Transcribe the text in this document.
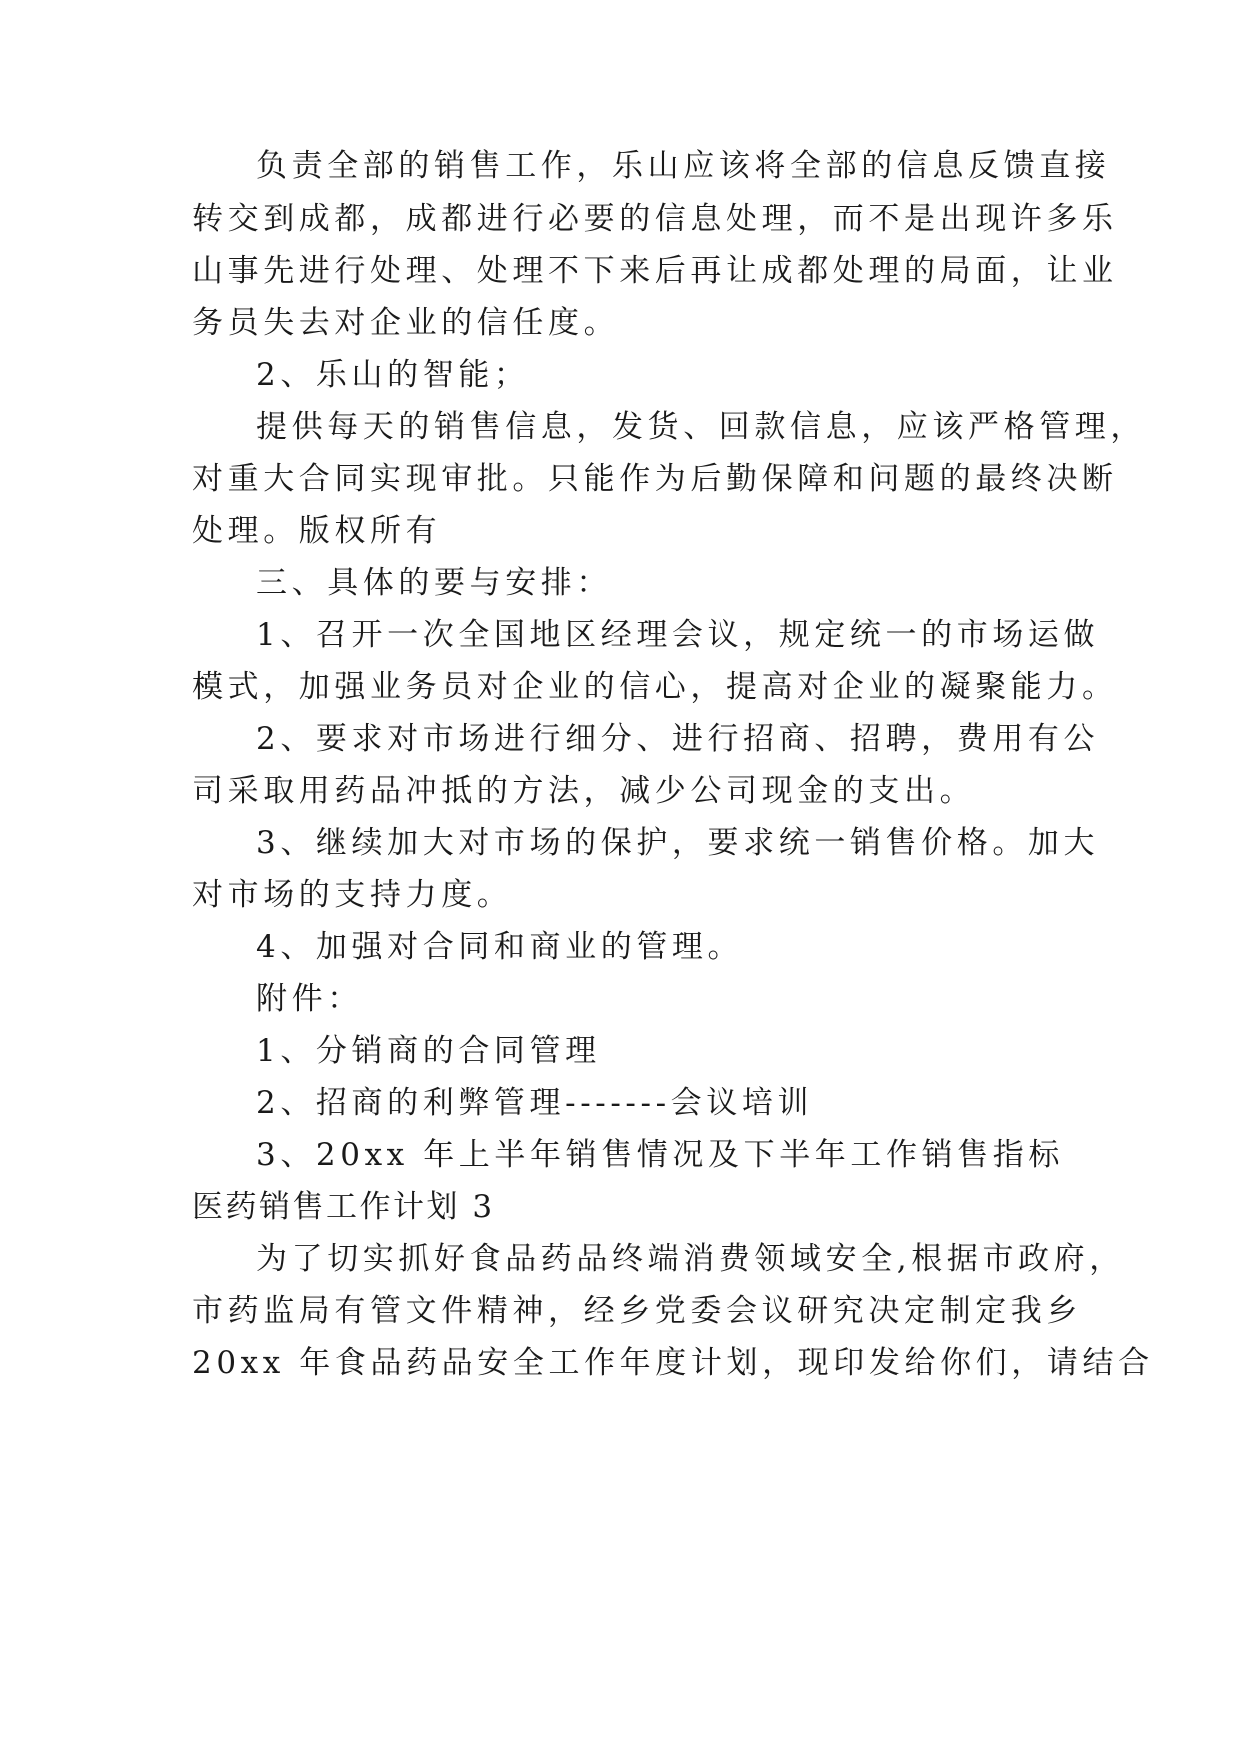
负责全部的销售工作，乐山应该将全部的信息反馈直接
转交到成都，成都进行必要的信息处理，而不是出现许多乐
山事先进行处理、处理不下来后再让成都处理的局面，让业
务员失去对企业的信任度。
2、乐山的智能；
提供每天的销售信息，发货、回款信息，应该严格管理，
对重大合同实现审批。只能作为后勤保障和问题的最终决断
处理。版权所有
三、具体的要与安排：
1、召开一次全国地区经理会议，规定统一的市场运做
模式，加强业务员对企业的信心，提高对企业的凝聚能力。
2、要求对市场进行细分、进行招商、招聘，费用有公
司采取用药品冲抵的方法，减少公司现金的支出。
3、继续加大对市场的保护，要求统一销售价格。加大
对市场的支持力度。
4、加强对合同和商业的管理。
附件：
1、分销商的合同管理
2、招商的利弊管理-------会议培训
3、20xx 年上半年销售情况及下半年工作销售指标
医药销售工作计划 3
为了切实抓好食品药品终端消费领域安全,根据市政府，
市药监局有管文件精神，经乡党委会议研究决定制定我乡
20xx 年食品药品安全工作年度计划，现印发给你们，请结合
